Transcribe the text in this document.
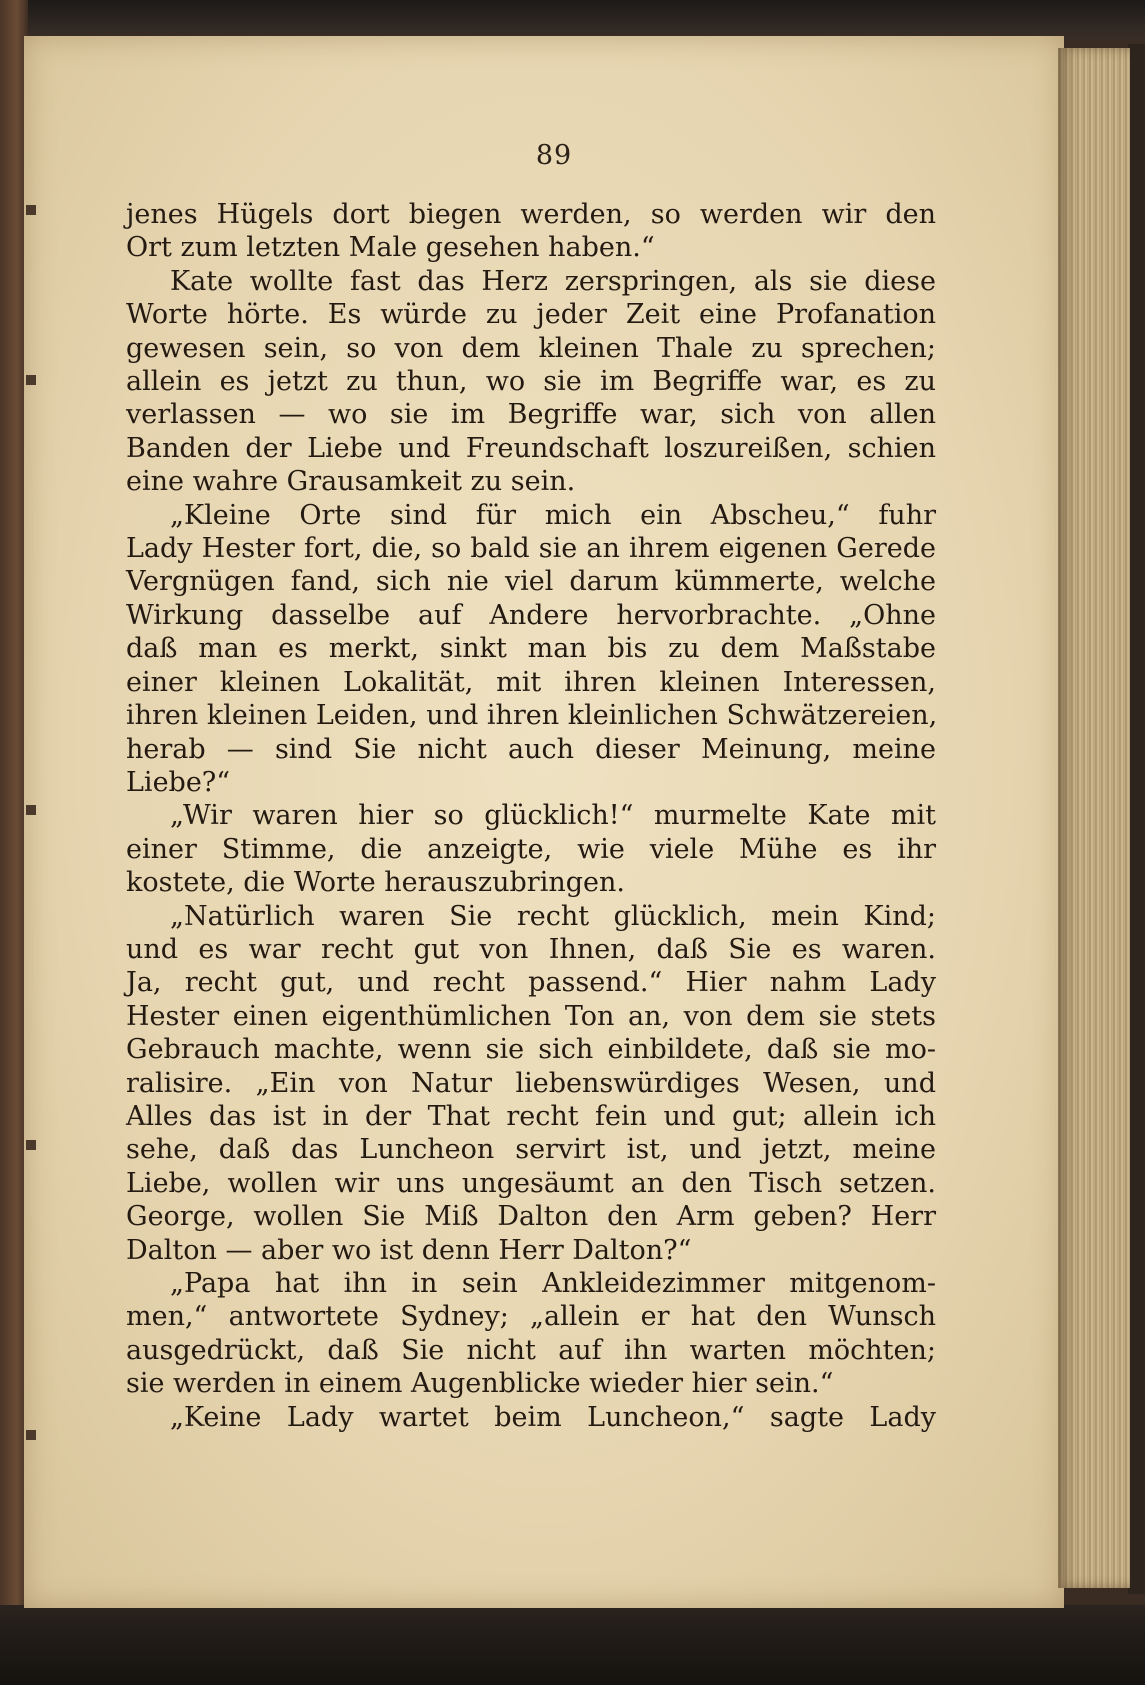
89
jenes Hügels dort biegen werden, so werden wir den
Ort zum letzten Male gesehen haben.“
Kate wollte fast das Herz zerspringen, als sie diese
Worte hörte. Es würde zu jeder Zeit eine Profanation
gewesen sein, so von dem kleinen Thale zu sprechen;
allein es jetzt zu thun, wo sie im Begriffe war, es zu
verlassen — wo sie im Begriffe war, sich von allen
Banden der Liebe und Freundschaft loszureißen, schien
eine wahre Grausamkeit zu sein.
„Kleine Orte sind für mich ein Abscheu,“ fuhr
Lady Hester fort, die, so bald sie an ihrem eigenen Gerede
Vergnügen fand, sich nie viel darum kümmerte, welche
Wirkung dasselbe auf Andere hervorbrachte. „Ohne
daß man es merkt, sinkt man bis zu dem Maßstabe
einer kleinen Lokalität, mit ihren kleinen Interessen,
ihren kleinen Leiden, und ihren kleinlichen Schwätzereien,
herab — sind Sie nicht auch dieser Meinung, meine
Liebe?“
„Wir waren hier so glücklich!“ murmelte Kate mit
einer Stimme, die anzeigte, wie viele Mühe es ihr
kostete, die Worte herauszubringen.
„Natürlich waren Sie recht glücklich, mein Kind;
und es war recht gut von Ihnen, daß Sie es waren.
Ja, recht gut, und recht passend.“ Hier nahm Lady
Hester einen eigenthümlichen Ton an, von dem sie stets
Gebrauch machte, wenn sie sich einbildete, daß sie mo-
ralisire. „Ein von Natur liebenswürdiges Wesen, und
Alles das ist in der That recht fein und gut; allein ich
sehe, daß das Luncheon servirt ist, und jetzt, meine
Liebe, wollen wir uns ungesäumt an den Tisch setzen.
George, wollen Sie Miß Dalton den Arm geben? Herr
Dalton — aber wo ist denn Herr Dalton?“
„Papa hat ihn in sein Ankleidezimmer mitgenom-
men,“ antwortete Sydney; „allein er hat den Wunsch
ausgedrückt, daß Sie nicht auf ihn warten möchten;
sie werden in einem Augenblicke wieder hier sein.“
„Keine Lady wartet beim Luncheon,“ sagte Lady
